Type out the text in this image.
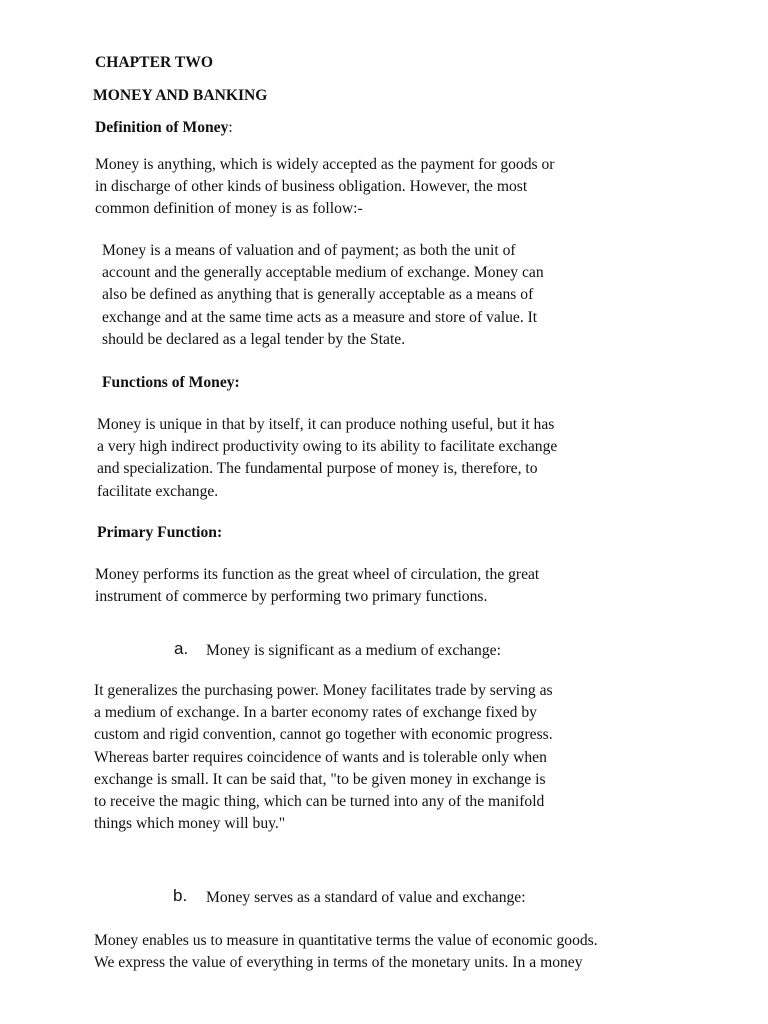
CHAPTER TWO
MONEY AND BANKING
Definition of Money:
Money is anything, which is widely accepted as the payment for goods or
in discharge of other kinds of business obligation. However, the most
common definition of money is as follow:-
Money is a means of valuation and of payment; as both the unit of
account and the generally acceptable medium of exchange. Money can
also be defined as anything that is generally acceptable as a means of
exchange and at the same time acts as a measure and store of value. It
should be declared as a legal tender by the State.
Functions of Money:
Money is unique in that by itself, it can produce nothing useful, but it has
a very high indirect productivity owing to its ability to facilitate exchange
and specialization. The fundamental purpose of money is, therefore, to
facilitate exchange.
Primary Function:
Money performs its function as the great wheel of circulation, the great
instrument of commerce by performing two primary functions.
a. Money is significant as a medium of exchange:
It generalizes the purchasing power. Money facilitates trade by serving as
a medium of exchange. In a barter economy rates of exchange fixed by
custom and rigid convention, cannot go together with economic progress.
Whereas barter requires coincidence of wants and is tolerable only when
exchange is small. It can be said that, "to be given money in exchange is
to receive the magic thing, which can be turned into any of the manifold
things which money will buy."
b. Money serves as a standard of value and exchange:
Money enables us to measure in quantitative terms the value of economic goods.
We express the value of everything in terms of the monetary units. In a money
